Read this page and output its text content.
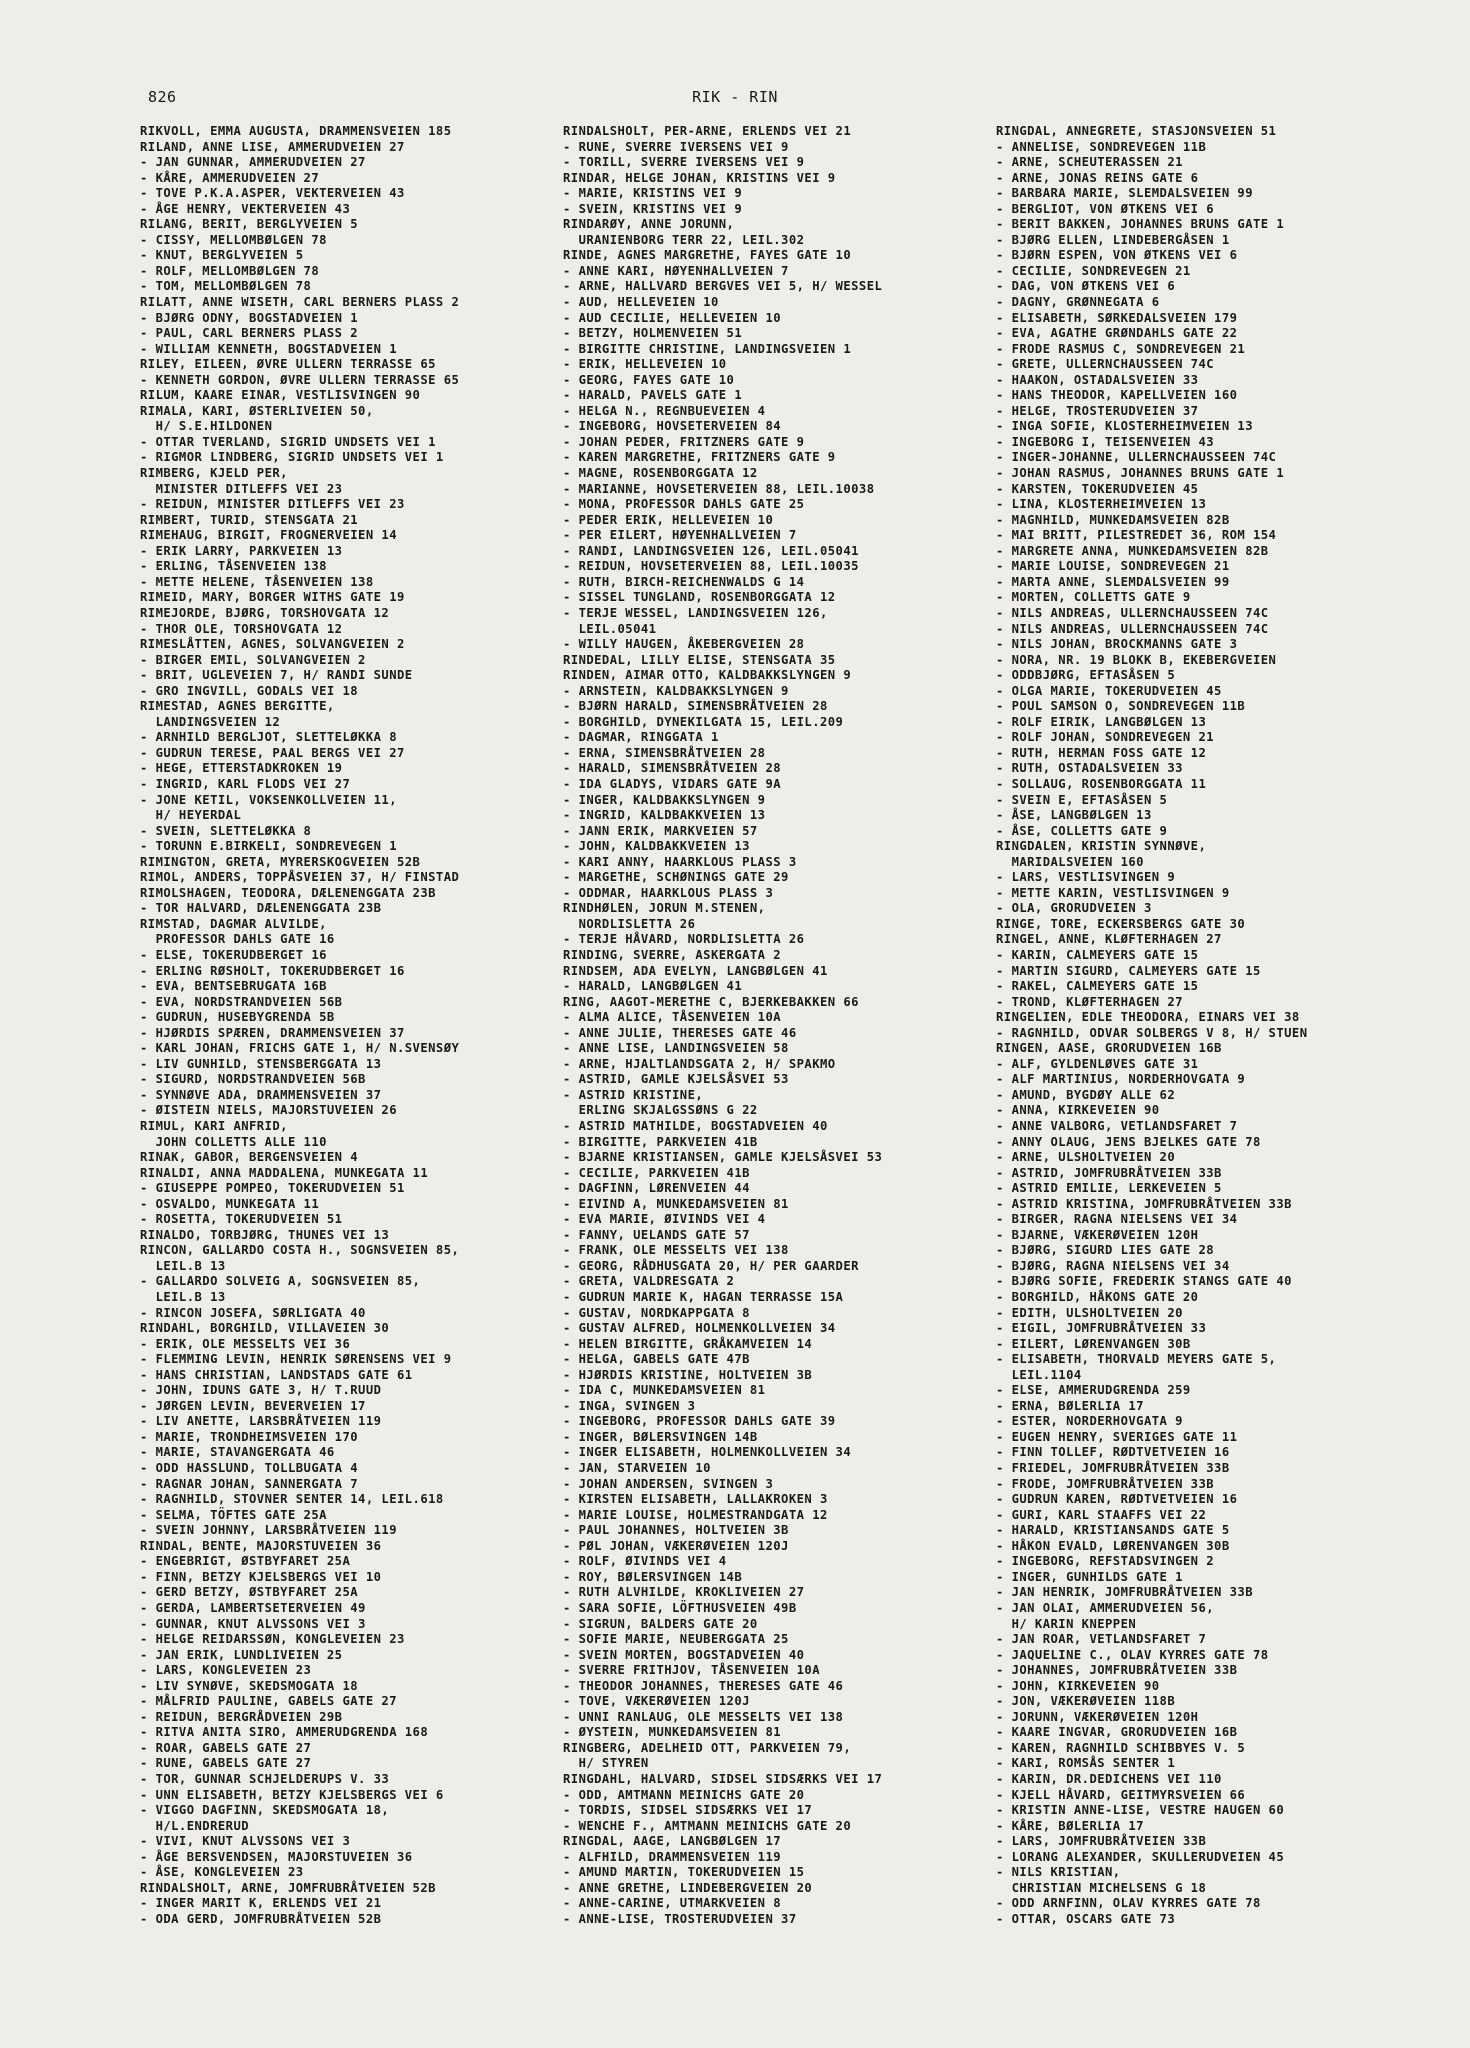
826	RIK - RIN
RIKVOLL, EMMA AUGUSTA, DRAMMENSVEIEN 185
RILAND, ANNE LISE, AMMERUDVEIEN 27
- JAN GUNNAR, AMMERUDVEIEN 27
- KÅRE, AMMERUDVEIEN 27
- TOVE P.K.A.ASPER, VEKTERVEIEN 43
- ÅGE HENRY, VEKTERVEIEN 43
RILANG, BERIT, BERGLYVEIEN 5
- CISSY, MELLOMBØLGEN 78
- KNUT, BERGLYVEIEN 5
- ROLF, MELLOMBØLGEN 78
- TOM, MELLOMBØLGEN 78
RILATT, ANNE WISETH, CARL BERNERS PLASS 2
- BJØRG ODNY, BOGSTADVEIEN 1
- PAUL, CARL BERNERS PLASS 2
- WILLIAM KENNETH, BOGSTADVEIEN 1
RILEY, EILEEN, ØVRE ULLERN TERRASSE 65
- KENNETH GORDON, ØVRE ULLERN TERRASSE 65
RILUM, KAARE EINAR, VESTLISVINGEN 90
RIMALA, KARI, ØSTERLIVEIEN 50,
H/ S.E.HILDONEN
- OTTAR TVERLAND, SIGRID UNDSETS VEI 1
- RIGMOR LINDBERG, SIGRID UNDSETS VEI 1
RIMBERG, KJELD PER,
MINISTER DITLEFFS VEI 23
- REIDUN, MINISTER DITLEFFS VEI 23
RIMBERT, TURID, STENSGATA 21
RIMEHAUG, BIRGIT, FROGNERVEIEN 14
- ERIK LARRY, PARKVEIEN 13
- ERLING, TÅSENVEIEN 138
- METTE HELENE, TÅSENVEIEN 138
RIMEID, MARY, BORGER WITHS GATE 19
RIMEJORDE, BJØRG, TORSHOVGATA 12
- THOR OLE, TORSHOVGATA 12
RIMESLÅTTEN, AGNES, SOLVANGVEIEN 2
- BIRGER EMIL, SOLVANGVEIEN 2
- BRIT, UGLEVEIEN 7, H/ RANDI SUNDE
- GRO INGVILL, GODALS VEI 18
RIMESTAD, AGNES BERGITTE,
LANDINGSVEIEN 12
- ARNHILD BERGLJOT, SLETTELØKKA 8
- GUDRUN TERESE, PAAL BERGS VEI 27
- HEGE, ETTERSTADKROKEN 19
- INGRID, KARL FLODS VEI 27
- JONE KETIL, VOKSENKOLLVEIEN 11,
H/ HEYERDAL
- SVEIN, SLETTELØKKA 8
- TORUNN E.BIRKELI, SONDREVEGEN 1
RIMINGTON, GRETA, MYRERSKOGVEIEN 52B
RIMOL, ANDERS, TOPPÅSVEIEN 37, H/ FINSTAD
RIMOLSHAGEN, TEODORA, DÆLENENGGATA 23B
- TOR HALVARD, DÆLENENGGATA 23B
RIMSTAD, DAGMAR ALVILDE,
PROFESSOR DAHLS GATE 16
- ELSE, TOKERUDBERGET 16
- ERLING RØSHOLT, TOKERUDBERGET 16
- EVA, BENTSEBRUGATA 16B
- EVA, NORDSTRANDVEIEN 56B
- GUDRUN, HUSEBYGRENDA 5B
- HJØRDIS SPÆREN, DRAMMENSVEIEN 37
- KARL JOHAN, FRICHS GATE 1, H/ N.SVENSØY
- LIV GUNHILD, STENSBERGGATA 13
- SIGURD, NORDSTRANDVEIEN 56B
- SYNNØVE ADA, DRAMMENSVEIEN 37
- ØISTEIN NIELS, MAJORSTUVEIEN 26
RIMUL, KARI ANFRID,
JOHN COLLETTS ALLE 110
RINAK, GABOR, BERGENSVEIEN 4
RINALDI, ANNA MADDALENA, MUNKEGATA 11
- GIUSEPPE POMPEO, TOKERUDVEIEN 51
- OSVALDO, MUNKEGATA 11
- ROSETTA, TOKERUDVEIEN 51
RINALDO, TORBJØRG, THUNES VEI 13
RINCON, GALLARDO COSTA H., SOGNSVEIEN 85,
LEIL.B 13
- GALLARDO SOLVEIG A, SOGNSVEIEN 85,
LEIL.B 13
- RINCON JOSEFA, SØRLIGATA 40
RINDAHL, BORGHILD, VILLAVEIEN 30
- ERIK, OLE MESSELTS VEI 36
- FLEMMING LEVIN, HENRIK SØRENSENS VEI 9
- HANS CHRISTIAN, LANDSTADS GATE 61
- JOHN, IDUNS GATE 3, H/ T.RUUD
- JØRGEN LEVIN, BEVERVEIEN 17
- LIV ANETTE, LARSBRÅTVEIEN 119
- MARIE, TRONDHEIMSVEIEN 170
- MARIE, STAVANGERGATA 46
- ODD HASSLUND, TOLLBUGATA 4
- RAGNAR JOHAN, SANNERGATA 7
- RAGNHILD, STOVNER SENTER 14, LEIL.618
- SELMA, TÖFTES GATE 25A
- SVEIN JOHNNY, LARSBRÅTVEIEN 119
RINDAL, BENTE, MAJORSTUVEIEN 36
- ENGEBRIGT, ØSTBYFARET 25A
- FINN, BETZY KJELSBERGS VEI 10
- GERD BETZY, ØSTBYFARET 25A
- GERDA, LAMBERTSETERVEIEN 49
- GUNNAR, KNUT ALVSSONS VEI 3
- HELGE REIDARSSØN, KONGLEVEIEN 23
- JAN ERIK, LUNDLIVEIEN 25
- LARS, KONGLEVEIEN 23
- LIV SYNØVE, SKEDSMOGATA 18
- MÅLFRID PAULINE, GABELS GATE 27
- REIDUN, BERGRÅDVEIEN 29B
- RITVA ANITA SIRO, AMMERUDGRENDA 168
- ROAR, GABELS GATE 27
- RUNE, GABELS GATE 27
- TOR, GUNNAR SCHJELDERUPS V. 33
- UNN ELISABETH, BETZY KJELSBERGS VEI 6
- VIGGO DAGFINN, SKEDSMOGATA 18,
H/L.ENDRERUD
- VIVI, KNUT ALVSSONS VEI 3
- ÅGE BERSVENDSEN, MAJORSTUVEIEN 36
- ÅSE, KONGLEVEIEN 23
RINDALSHOLT, ARNE, JOMFRUBRÅTVEIEN 52B
- INGER MARIT K, ERLENDS VEI 21
- ODA GERD, JOMFRUBRÅTVEIEN 52B
RINDALSHOLT, PER-ARNE, ERLENDS VEI 21
- RUNE, SVERRE IVERSENS VEI 9
- TORILL, SVERRE IVERSENS VEI 9
RINDAR, HELGE JOHAN, KRISTINS VEI 9
- MARIE, KRISTINS VEI 9
- SVEIN, KRISTINS VEI 9
RINDARØY, ANNE JORUNN,
URANIENBORG TERR 22, LEIL.302
RINDE, AGNES MARGRETHE, FAYES GATE 10
- ANNE KARI, HØYENHALLVEIEN 7
- ARNE, HALLVARD BERGVES VEI 5, H/ WESSEL
- AUD, HELLEVEIEN 10
- AUD CECILIE, HELLEVEIEN 10
- BETZY, HOLMENVEIEN 51
- BIRGITTE CHRISTINE, LANDINGSVEIEN 1
- ERIK, HELLEVEIEN 10
- GEORG, FAYES GATE 10
- HARALD, PAVELS GATE 1
- HELGA N., REGNBUEVEIEN 4
- INGEBORG, HOVSETERVEIEN 84
- JOHAN PEDER, FRITZNERS GATE 9
- KAREN MARGRETHE, FRITZNERS GATE 9
- MAGNE, ROSENBORGGATA 12
- MARIANNE, HOVSETERVEIEN 88, LEIL.10038
- MONA, PROFESSOR DAHLS GATE 25
- PEDER ERIK, HELLEVEIEN 10
- PER EILERT, HØYENHALLVEIEN 7
- RANDI, LANDINGSVEIEN 126, LEIL.05041
- REIDUN, HOVSETERVEIEN 88, LEIL.10035
- RUTH, BIRCH-REICHENWALDS G 14
- SISSEL TUNGLAND, ROSENBORGGATA 12
- TERJE WESSEL, LANDINGSVEIEN 126,
LEIL.05041
- WILLY HAUGEN, ÅKEBERGVEIEN 28
RINDEDAL, LILLY ELISE, STENSGATA 35
RINDEN, AIMAR OTTO, KALDBAKKSLYNGEN 9
- ARNSTEIN, KALDBAKKSLYNGEN 9
- BJØRN HARALD, SIMENSBRÅTVEIEN 28
- BORGHILD, DYNEKILGATA 15, LEIL.209
- DAGMAR, RINGGATA 1
- ERNA, SIMENSBRÅTVEIEN 28
- HARALD, SIMENSBRÅTVEIEN 28
- IDA GLADYS, VIDARS GATE 9A
- INGER, KALDBAKKSLYNGEN 9
- INGRID, KALDBAKKVEIEN 13
- JANN ERIK, MARKVEIEN 57
- JOHN, KALDBAKKVEIEN 13
- KARI ANNY, HAARKLOUS PLASS 3
- MARGETHE, SCHØNINGS GATE 29
- ODDMAR, HAARKLOUS PLASS 3
RINDHØLEN, JORUN M.STENEN,
NORDLISLETTA 26
- TERJE HÅVARD, NORDLISLETTA 26
RINDING, SVERRE, ASKERGATA 2
RINDSEM, ADA EVELYN, LANGBØLGEN 41
- HARALD, LANGBØLGEN 41
RING, AAGOT-MERETHE C, BJERKEBAKKEN 66
- ALMA ALICE, TÅSENVEIEN 10A
- ANNE JULIE, THERESES GATE 46
- ANNE LISE, LANDINGSVEIEN 58
- ARNE, HJALTLANDSGATA 2, H/ SPAKMO
- ASTRID, GAMLE KJELSÅSVEI 53
- ASTRID KRISTINE,
ERLING SKJALGSSØNS G 22
- ASTRID MATHILDE, BOGSTADVEIEN 40
- BIRGITTE, PARKVEIEN 41B
- BJARNE KRISTIANSEN, GAMLE KJELSÅSVEI 53
- CECILIE, PARKVEIEN 41B
- DAGFINN, LØRENVEIEN 44
- EIVIND A, MUNKEDAMSVEIEN 81
- EVA MARIE, ØIVINDS VEI 4
- FANNY, UELANDS GATE 57
- FRANK, OLE MESSELTS VEI 138
- GEORG, RÅDHUSGATA 20, H/ PER GAARDER
- GRETA, VALDRESGATA 2
- GUDRUN MARIE K, HAGAN TERRASSE 15A
- GUSTAV, NORDKAPPGATA 8
- GUSTAV ALFRED, HOLMENKOLLVEIEN 34
- HELEN BIRGITTE, GRÅKAMVEIEN 14
- HELGA, GABELS GATE 47B
- HJØRDIS KRISTINE, HOLTVEIEN 3B
- IDA C, MUNKEDAMSVEIEN 81
- INGA, SVINGEN 3
- INGEBORG, PROFESSOR DAHLS GATE 39
- INGER, BØLERSVINGEN 14B
- INGER ELISABETH, HOLMENKOLLVEIEN 34
- JAN, STARVEIEN 10
- JOHAN ANDERSEN, SVINGEN 3
- KIRSTEN ELISABETH, LALLAKROKEN 3
- MARIE LOUISE, HOLMESTRANDGATA 12
- PAUL JOHANNES, HOLTVEIEN 3B
- PØL JOHAN, VÆKERØVEIEN 120J
- ROLF, ØIVINDS VEI 4
- ROY, BØLERSVINGEN 14B
- RUTH ALVHILDE, KROKLIVEIEN 27
- SARA SOFIE, LÖFTHUSVEIEN 49B
- SIGRUN, BALDERS GATE 20
- SOFIE MARIE, NEUBERGGATA 25
- SVEIN MORTEN, BOGSTADVEIEN 40
- SVERRE FRITHJOV, TÅSENVEIEN 10A
- THEODOR JOHANNES, THERESES GATE 46
- TOVE, VÆKERØVEIEN 120J
- UNNI RANLAUG, OLE MESSELTS VEI 138
- ØYSTEIN, MUNKEDAMSVEIEN 81
RINGBERG, ADELHEID OTT, PARKVEIEN 79,
H/ STYREN
RINGDAHL, HALVARD, SIDSEL SIDSÆRKS VEI 17
- ODD, AMTMANN MEINICHS GATE 20
- TORDIS, SIDSEL SIDSÆRKS VEI 17
- WENCHE F., AMTMANN MEINICHS GATE 20
RINGDAL, AAGE, LANGBØLGEN 17
- ALFHILD, DRAMMENSVEIEN 119
- AMUND MARTIN, TOKERUDVEIEN 15
- ANNE GRETHE, LINDEBERGVEIEN 20
- ANNE-CARINE, UTMARKVEIEN 8
- ANNE-LISE, TROSTERUDVEIEN 37
RINGDAL, ANNEGRETE, STASJONSVEIEN 51
- ANNELISE, SONDREVEGEN 11B
- ARNE, SCHEUTERASSEN 21
- ARNE, JONAS REINS GATE 6
- BARBARA MARIE, SLEMDALSVEIEN 99
- BERGLIOT, VON ØTKENS VEI 6
- BERIT BAKKEN, JOHANNES BRUNS GATE 1
- BJØRG ELLEN, LINDEBERGÅSEN 1
- BJØRN ESPEN, VON ØTKENS VEI 6
- CECILIE, SONDREVEGEN 21
- DAG, VON ØTKENS VEI 6
- DAGNY, GRØNNEGATA 6
- ELISABETH, SØRKEDALSVEIEN 179
- EVA, AGATHE GRØNDAHLS GATE 22
- FRODE RASMUS C, SONDREVEGEN 21
- GRETE, ULLERNCHAUSSEEN 74C
- HAAKON, OSTADALSVEIEN 33
- HANS THEODOR, KAPELLVEIEN 160
- HELGE, TROSTERUDVEIEN 37
- INGA SOFIE, KLOSTERHEIMVEIEN 13
- INGEBORG I, TEISENVEIEN 43
- INGER-JOHANNE, ULLERNCHAUSSEEN 74C
- JOHAN RASMUS, JOHANNES BRUNS GATE 1
- KARSTEN, TOKERUDVEIEN 45
- LINA, KLOSTERHEIMVEIEN 13
- MAGNHILD, MUNKEDAMSVEIEN 82B
- MAI BRITT, PILESTREDET 36, ROM 154
- MARGRETE ANNA, MUNKEDAMSVEIEN 82B
- MARIE LOUISE, SONDREVEGEN 21
- MARTA ANNE, SLEMDALSVEIEN 99
- MORTEN, COLLETTS GATE 9
- NILS ANDREAS, ULLERNCHAUSSEEN 74C
- NILS ANDREAS, ULLERNCHAUSSEEN 74C
- NILS JOHAN, BROCKMANNS GATE 3
- NORA, NR. 19 BLOKK B, EKEBERGVEIEN
- ODDBJØRG, EFTASÅSEN 5
- OLGA MARIE, TOKERUDVEIEN 45
- POUL SAMSON O, SONDREVEGEN 11B
- ROLF EIRIK, LANGBØLGEN 13
- ROLF JOHAN, SONDREVEGEN 21
- RUTH, HERMAN FOSS GATE 12
- RUTH, OSTADALSVEIEN 33
- SOLLAUG, ROSENBORGGATA 11
- SVEIN E, EFTASÅSEN 5
- ÅSE, LANGBØLGEN 13
- ÅSE, COLLETTS GATE 9
RINGDALEN, KRISTIN SYNNØVE,
MARIDALSVEIEN 160
- LARS, VESTLISVINGEN 9
- METTE KARIN, VESTLISVINGEN 9
- OLA, GRORUDVEIEN 3
RINGE, TORE, ECKERSBERGS GATE 30
RINGEL, ANNE, KLØFTERHAGEN 27
- KARIN, CALMEYERS GATE 15
- MARTIN SIGURD, CALMEYERS GATE 15
- RAKEL, CALMEYERS GATE 15
- TROND, KLØFTERHAGEN 27
RINGELIEN, EDLE THEODORA, EINARS VEI 38
- RAGNHILD, ODVAR SOLBERGS V 8, H/ STUEN
RINGEN, AASE, GRORUDVEIEN 16B
- ALF, GYLDENLØVES GATE 31
- ALF MARTINIUS, NORDERHOVGATA 9
- AMUND, BYGDØY ALLE 62
- ANNA, KIRKEVEIEN 90
- ANNE VALBORG, VETLANDSFARET 7
- ANNY OLAUG, JENS BJELKES GATE 78
- ARNE, ULSHOLTVEIEN 20
- ASTRID, JOMFRUBRÅTVEIEN 33B
- ASTRID EMILIE, LERKEVEIEN 5
- ASTRID KRISTINA, JOMFRUBRÅTVEIEN 33B
- BIRGER, RAGNA NIELSENS VEI 34
- BJARNE, VÆKERØVEIEN 120H
- BJØRG, SIGURD LIES GATE 28
- BJØRG, RAGNA NIELSENS VEI 34
- BJØRG SOFIE, FREDERIK STANGS GATE 40
- BORGHILD, HÅKONS GATE 20
- EDITH, ULSHOLTVEIEN 20
- EIGIL, JOMFRUBRÅTVEIEN 33
- EILERT, LØRENVANGEN 30B
- ELISABETH, THORVALD MEYERS GATE 5,
LEIL.1104
- ELSE, AMMERUDGRENDA 259
- ERNA, BØLERLIA 17
- ESTER, NORDERHOVGATA 9
- EUGEN HENRY, SVERIGES GATE 11
- FINN TOLLEF, RØDTVETVEIEN 16
- FRIEDEL, JOMFRUBRÅTVEIEN 33B
- FRODE, JOMFRUBRÅTVEIEN 33B
- GUDRUN KAREN, RØDTVETVEIEN 16
- GURI, KARL STAAFFS VEI 22
- HARALD, KRISTIANSANDS GATE 5
- HÅKON EVALD, LØRENVANGEN 30B
- INGEBORG, REFSTADSVINGEN 2
- INGER, GUNHILDS GATE 1
- JAN HENRIK, JOMFRUBRÅTVEIEN 33B
- JAN OLAI, AMMERUDVEIEN 56,
H/ KARIN KNEPPEN
- JAN ROAR, VETLANDSFARET 7
- JAQUELINE C., OLAV KYRRES GATE 78
- JOHANNES, JOMFRUBRÅTVEIEN 33B
- JOHN, KIRKEVEIEN 90
- JON, VÆKERØVEIEN 118B
- JORUNN, VÆKERØVEIEN 120H
- KAARE INGVAR, GRORUDVEIEN 16B
- KAREN, RAGNHILD SCHIBBYES V. 5
- KARI, ROMSÅS SENTER 1
- KARIN, DR.DEDICHENS VEI 110
- KJELL HÅVARD, GEITMYRSVEIEN 66
- KRISTIN ANNE-LISE, VESTRE HAUGEN 60
- KÅRE, BØLERLIA 17
- LARS, JOMFRUBRÅTVEIEN 33B
- LORANG ALEXANDER, SKULLERUDVEIEN 45
- NILS KRISTIAN,
CHRISTIAN MICHELSENS G 18
- ODD ARNFINN, OLAV KYRRES GATE 78
- OTTAR, OSCARS GATE 73
